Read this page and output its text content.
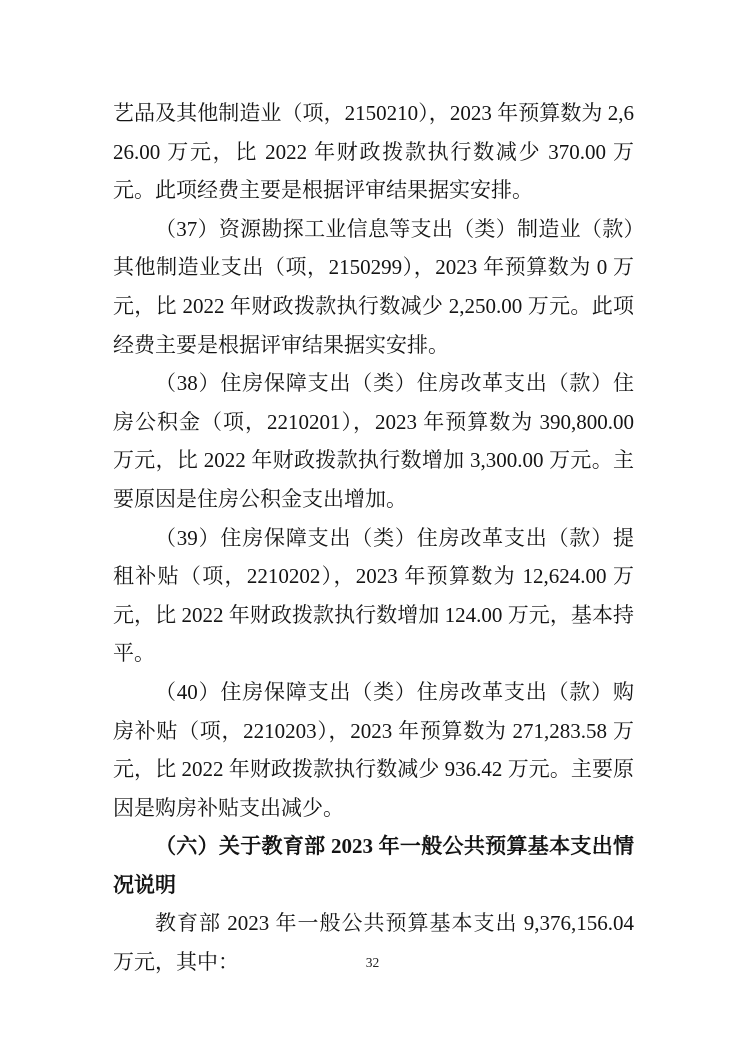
艺品及其他制造业（项，2150210），2023 年预算数为 2,626.00 万元，比 2022 年财政拨款执行数减少 370.00 万元。此项经费主要是根据评审结果据实安排。

（37）资源勘探工业信息等支出（类）制造业（款）其他制造业支出（项，2150299），2023 年预算数为 0 万元，比 2022 年财政拨款执行数减少 2,250.00 万元。此项经费主要是根据评审结果据实安排。

（38）住房保障支出（类）住房改革支出（款）住房公积金（项，2210201），2023 年预算数为 390,800.00 万元，比 2022 年财政拨款执行数增加 3,300.00 万元。主要原因是住房公积金支出增加。

（39）住房保障支出（类）住房改革支出（款）提租补贴（项，2210202），2023 年预算数为 12,624.00 万元，比 2022 年财政拨款执行数增加 124.00 万元，基本持平。

（40）住房保障支出（类）住房改革支出（款）购房补贴（项，2210203），2023 年预算数为 271,283.58 万元，比 2022 年财政拨款执行数减少 936.42 万元。主要原因是购房补贴支出减少。

（六）关于教育部 2023 年一般公共预算基本支出情况说明

教育部 2023 年一般公共预算基本支出 9,376,156.04 万元，其中：	32
